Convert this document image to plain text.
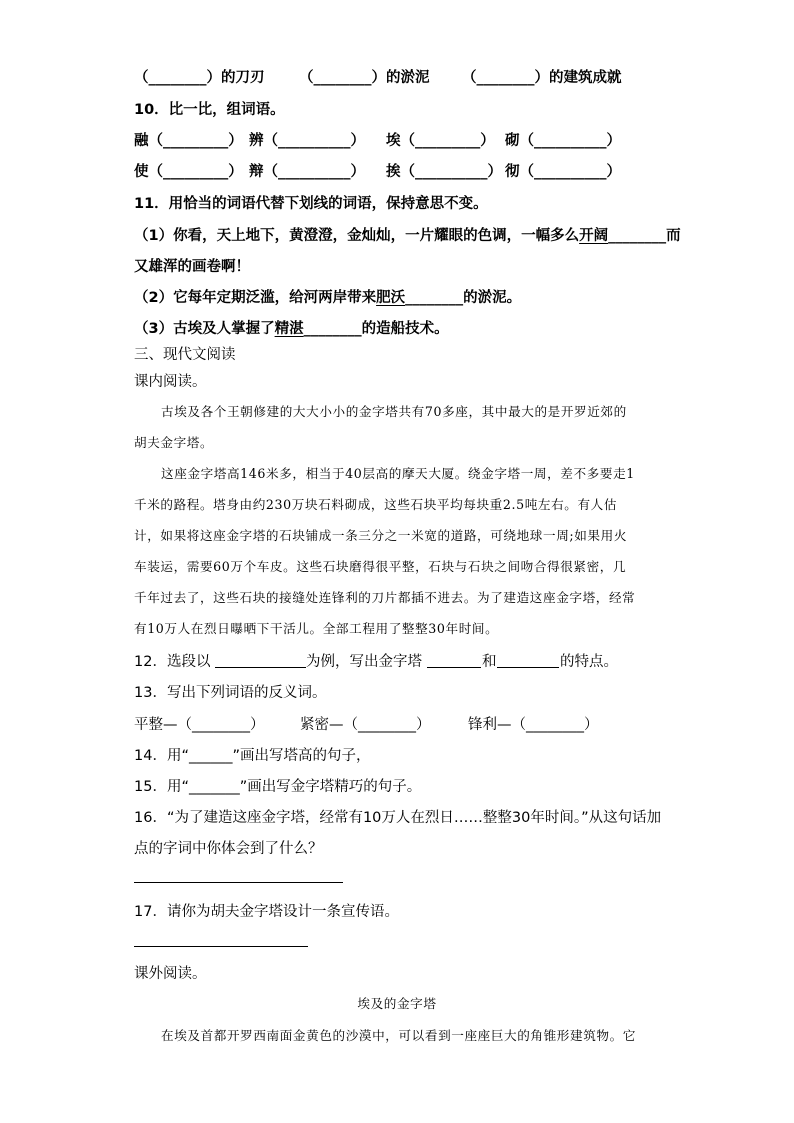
（________）的刀刃 （________）的淤泥 （________）的建筑成就
10．比一比，组词语。
融（_________） 辨（__________） 埃（_________） 砌（__________）
使（_________） 辩（__________） 挨（__________） 彻（__________）
11．用恰当的词语代替下划线的词语，保持意思不变。
（1）你看，天上地下，黄澄澄，金灿灿，一片耀眼的色调，一幅多么开阔________而
又雄浑的画卷啊！
（2）它每年定期泛滥，给河两岸带来肥沃________的淤泥。
（3）古埃及人掌握了精湛________的造船技术。
三、现代文阅读
课内阅读。
古埃及各个王朝修建的大大小小的金字塔共有70多座，其中最大的是开罗近郊的
胡夫金字塔。
这座金字塔高146米多，相当于40层高的摩天大厦。绕金字塔一周，差不多要走1
千米的路程。塔身由约230万块石料砌成，这些石块平均每块重2.5吨左右。有人估
计，如果将这座金字塔的石块铺成一条三分之一米宽的道路，可绕地球一周;如果用火
车装运，需要60万个车皮。这些石块磨得很平整，石块与石块之间吻合得很紧密，几
千年过去了，这些石块的接缝处连锋利的刀片都插不进去。为了建造这座金字塔，经常
有10万人在烈日曝晒下干活儿。全部工程用了整整30年时间。
12．选段以	为例，写出金字塔	和	的特点。
13．写出下列词语的反义词。
平整—（________） 紧密—（________）	锋利—（________）
14．用“______”画出写塔高的句子，
15．用“_______”画出写金字塔精巧的句子。
16．“为了建造这座金字塔，经常有10万人在烈日……整整30年时间。”从这句话加
点的字词中你体会到了什么？
17．请你为胡夫金字塔设计一条宣传语。
课外阅读。
埃及的金字塔
在埃及首都开罗西南面金黄色的沙漠中，可以看到一座座巨大的角锥形建筑物。它
